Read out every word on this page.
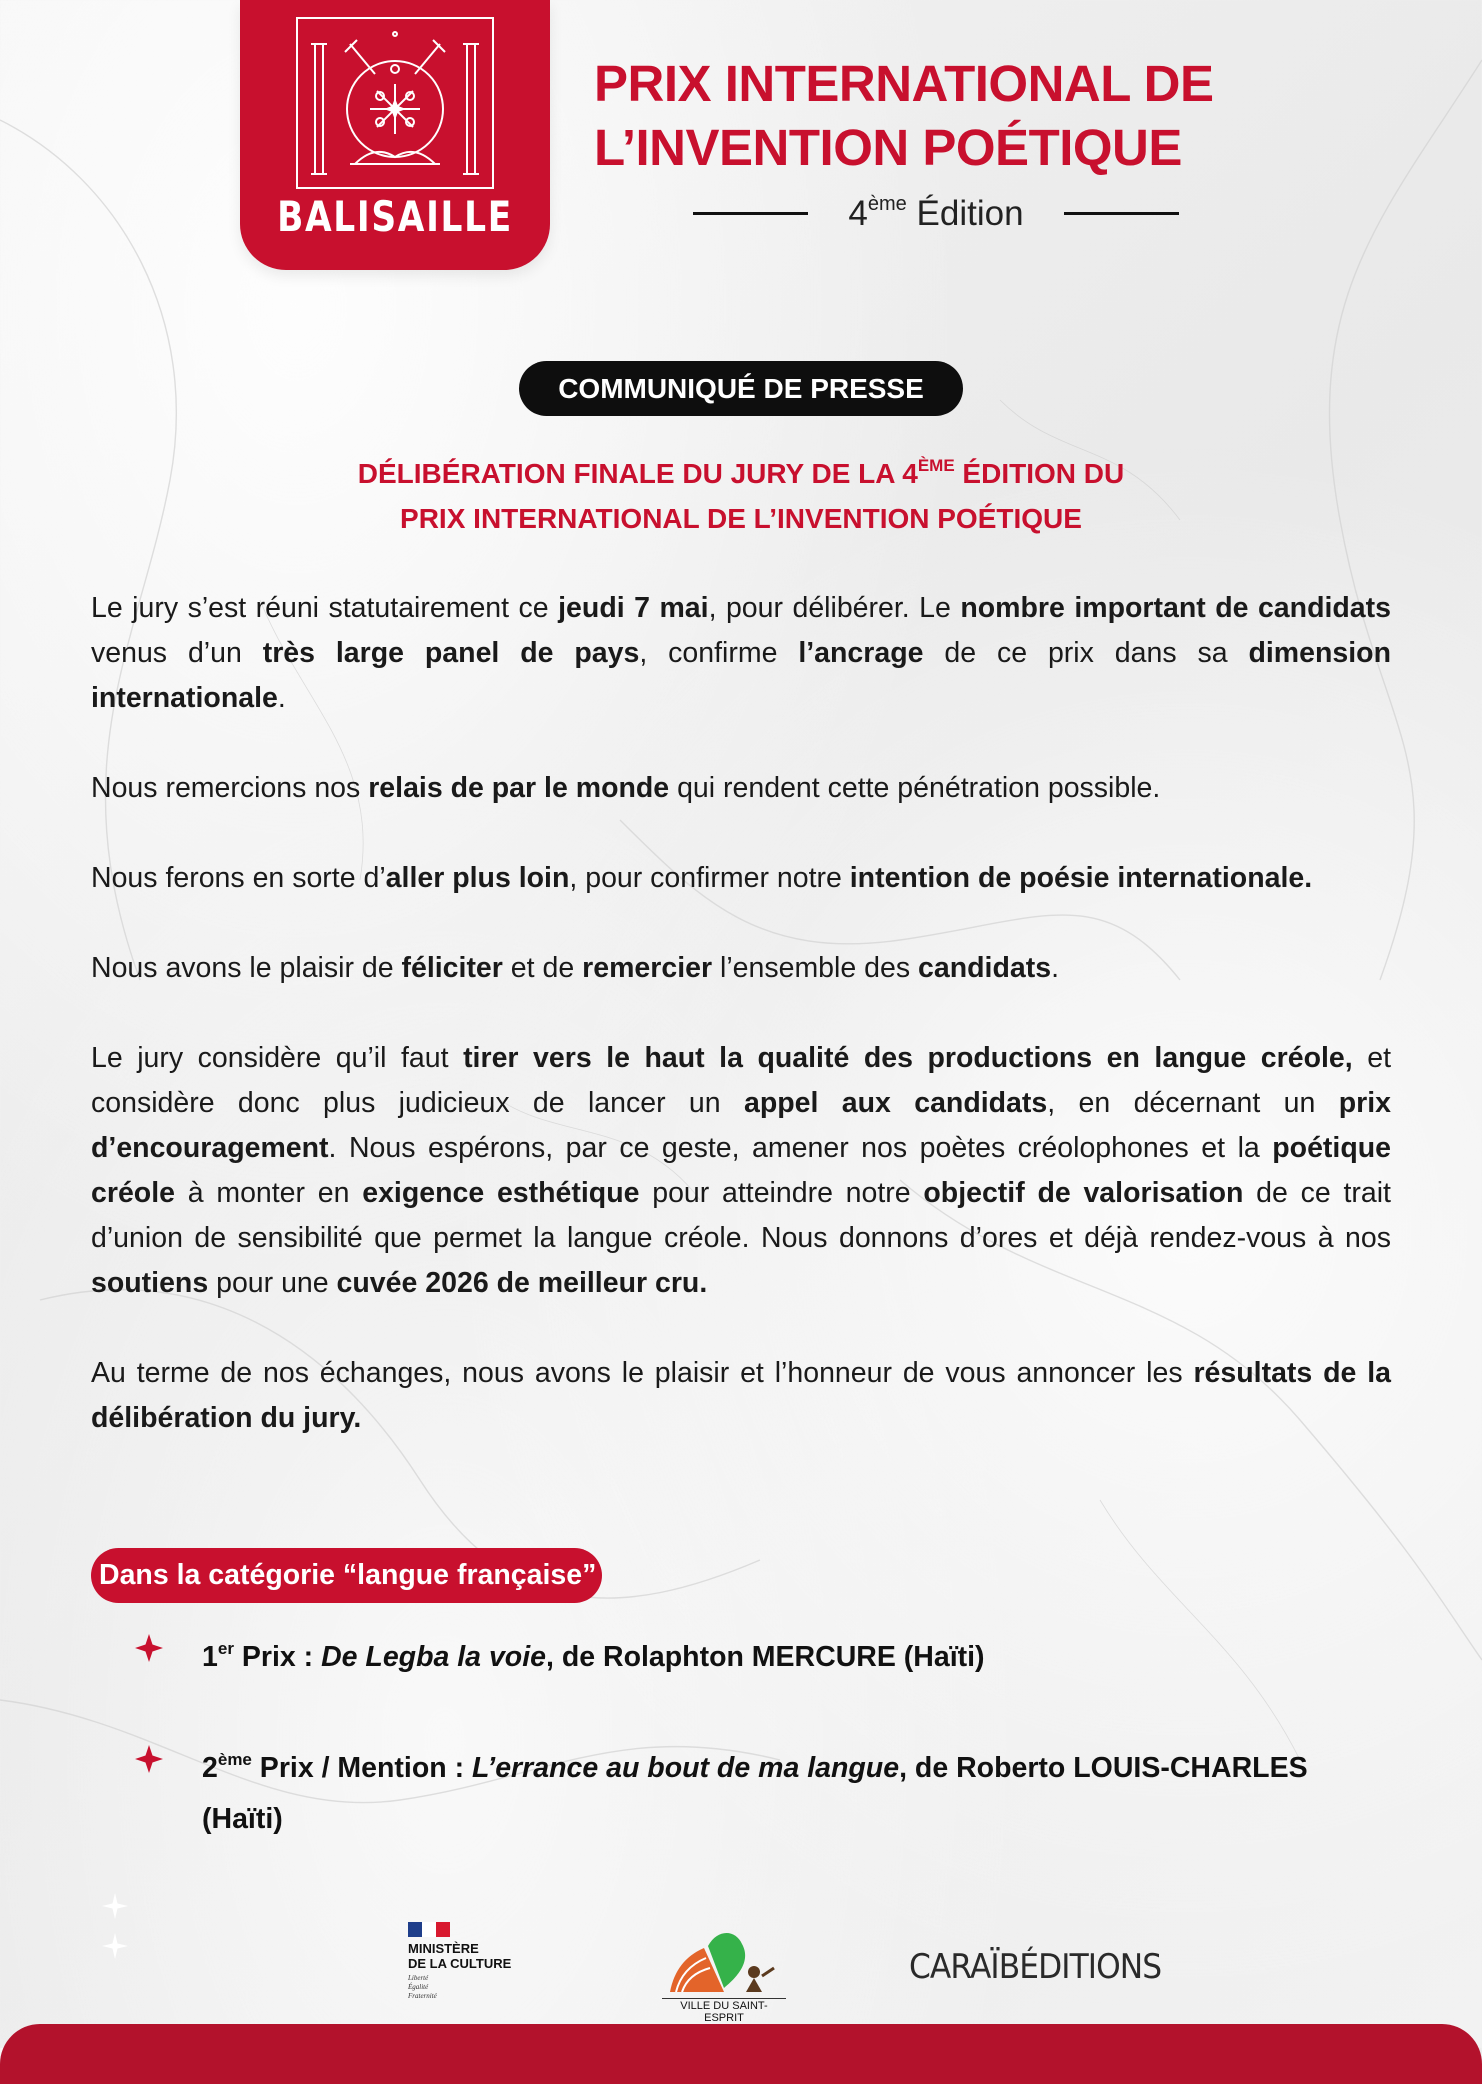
BALISAILLE
PRIX INTERNATIONAL DE
L’INVENTION POÉTIQUE
4ème Édition
COMMUNIQUÉ DE PRESSE
DÉLIBÉRATION FINALE DU JURY DE LA 4ÈME ÉDITION DU
PRIX INTERNATIONAL DE L’INVENTION POÉTIQUE

Le jury s’est réuni statutairement ce jeudi 7 mai, pour délibérer. Le nombre important de candidats venus d’un très large panel de pays, confirme l’ancrage de ce prix dans sa dimension internationale.

Nous remercions nos relais de par le monde qui rendent cette pénétration possible.

Nous ferons en sorte d’aller plus loin, pour confirmer notre intention de poésie internationale.

Nous avons le plaisir de féliciter et de remercier l’ensemble des candidats.

Le jury considère qu’il faut tirer vers le haut la qualité des productions en langue créole, et considère donc plus judicieux de lancer un appel aux candidats, en décernant un prix d’encouragement. Nous espérons, par ce geste, amener nos poètes créolophones et la poétique créole à monter en exigence esthétique pour atteindre notre objectif de valorisation de ce trait d’union de sensibilité que permet la langue créole. Nous donnons d’ores et déjà rendez-vous à nos soutiens pour une cuvée 2026 de meilleur cru.

Au terme de nos échanges, nous avons le plaisir et l’honneur de vous annoncer les résultats de la délibération du jury.

Dans la catégorie “langue française”
1er Prix : De Legba la voie, de Rolaphton MERCURE (Haïti)
2ème Prix / Mention : L’errance au bout de ma langue, de Roberto LOUIS-CHARLES (Haïti)
MINISTÈRE
DE LA CULTURE
Liberté
Égalité
Fraternité
VILLE DU SAINT-ESPRIT
CARAÏBÉDITIONS
